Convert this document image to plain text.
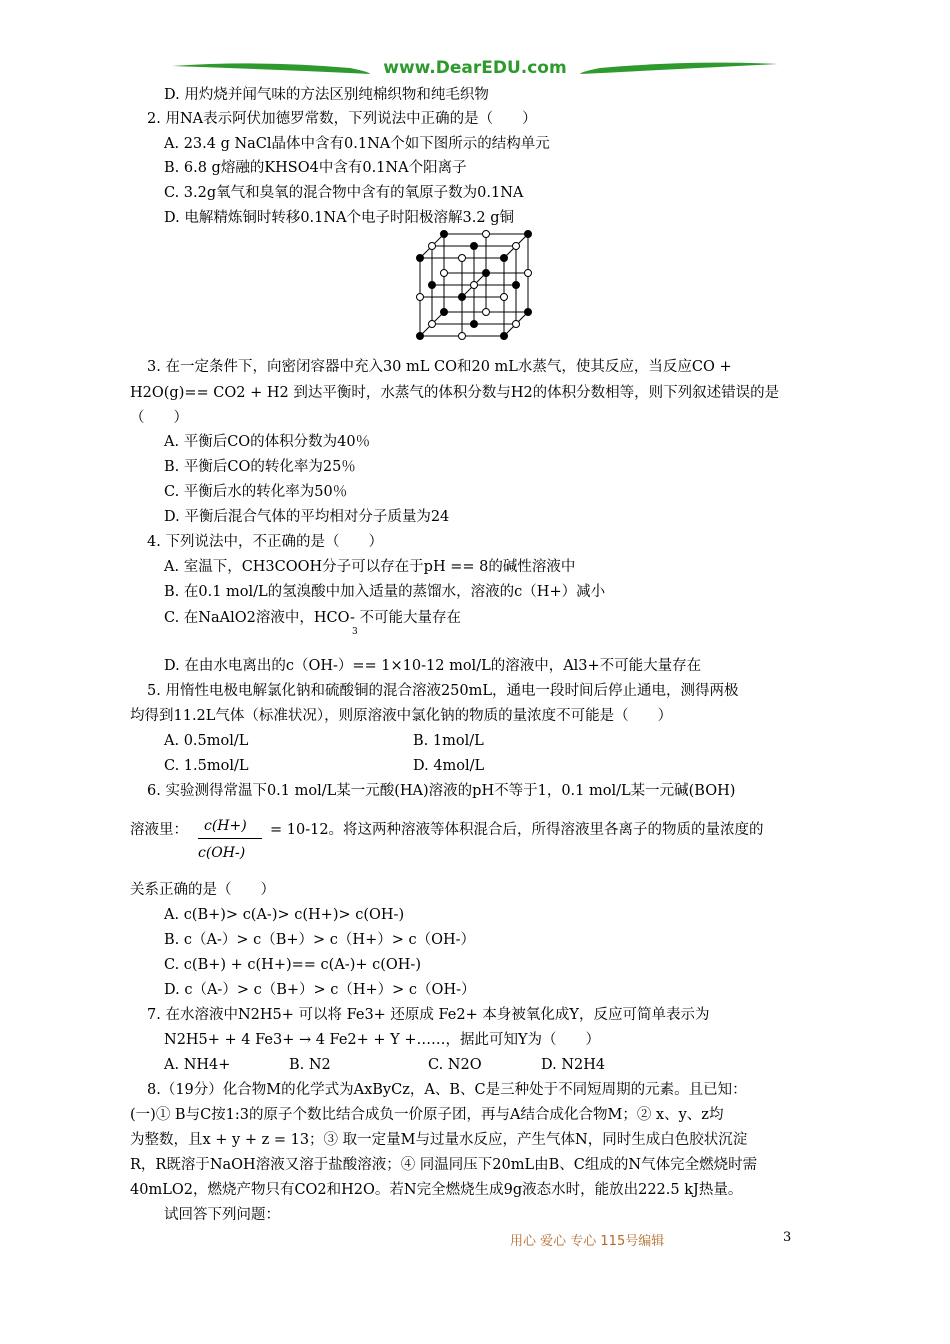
www.DearEDU.com
D. 用灼烧并闻气味的方法区别纯棉织物和纯毛织物
2. 用NA表示阿伏加德罗常数，下列说法中正确的是（　　）
A. 23.4 g NaCl晶体中含有0.1NA个如下图所示的结构单元
B. 6.8 g熔融的KHSO4中含有0.1NA个阳离子
C. 3.2g氧气和臭氧的混合物中含有的氧原子数为0.1NA
D. 电解精炼铜时转移0.1NA个电子时阳极溶解3.2 g铜
3. 在一定条件下，向密闭容器中充入30 mL CO和20 mL水蒸气，使其反应，当反应CO +
H2O(g)== CO2 + H2 到达平衡时，水蒸气的体积分数与H2的体积分数相等，则下列叙述错误的是
（　　）
A. 平衡后CO的体积分数为40％
B. 平衡后CO的转化率为25％
C. 平衡后水的转化率为50％
D. 平衡后混合气体的平均相对分子质量为24
4. 下列说法中，不正确的是（　　）
A. 室温下，CH3COOH分子可以存在于pH == 8的碱性溶液中
B. 在0.1 mol/L的氢溴酸中加入适量的蒸馏水，溶液的c（H+）减小
C. 在NaAlO2溶液中，HCO- 不可能大量存在
3
D. 在由水电离出的c（OH-）== 1×10-12 mol/L的溶液中，Al3+不可能大量存在
5. 用惰性电极电解氯化钠和硫酸铜的混合溶液250mL，通电一段时间后停止通电，测得两极
均得到11.2L气体（标准状况），则原溶液中氯化钠的物质的量浓度不可能是（　　）
A. 0.5mol/L	B. 1mol/L
C. 1.5mol/L	D. 4mol/L
6. 实验测得常温下0.1 mol/L某一元酸(HA)溶液的pH不等于1，0.1 mol/L某一元碱(BOH)
溶液里： c(H+)
c(OH-)
= 10-12。将这两种溶液等体积混合后，所得溶液里各离子的物质的量浓度的
关系正确的是（　　）
A. c(B+)> c(A-)> c(H+)> c(OH-)
B. c（A-）> c（B+）> c（H+）> c（OH-）
C. c(B+) + c(H+)== c(A-)+ c(OH-)
D. c（A-）> c（B+）> c（H+）> c（OH-）
7. 在水溶液中N2H5+ 可以将 Fe3+ 还原成 Fe2+ 本身被氧化成Y，反应可简单表示为
N2H5+ + 4 Fe3+ → 4 Fe2+ + Y +……，据此可知Y为（　　）
A. NH4+	B. N2	C. N2O	D. N2H4
8.（19分）化合物M的化学式为AxByCz，A、B、C是三种处于不同短周期的元素。且已知：
(一)① B与C按1:3的原子个数比结合成负一价原子团，再与A结合成化合物M；② x、y、z均
为整数，且x + y + z = 13；③ 取一定量M与过量水反应，产生气体N，同时生成白色胶状沉淀
R，R既溶于NaOH溶液又溶于盐酸溶液；④ 同温同压下20mL由B、C组成的N气体完全燃烧时需
40mLO2，燃烧产物只有CO2和H2O。若N完全燃烧生成9g液态水时，能放出222.5 kJ热量。
试回答下列问题：
用心 爱心 专心 115号编辑	3
